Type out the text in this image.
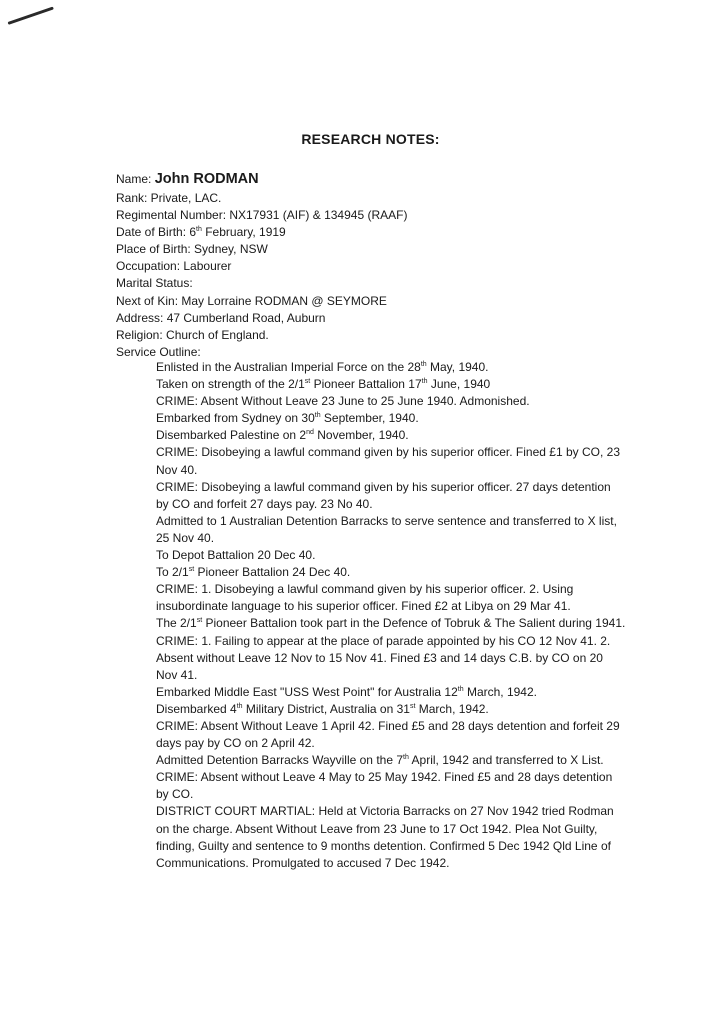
RESEARCH NOTES:
Name: John RODMAN
Rank: Private, LAC.
Regimental Number: NX17931 (AIF) & 134945 (RAAF)
Date of Birth: 6th February, 1919
Place of Birth: Sydney, NSW
Occupation: Labourer
Marital Status:
Next of Kin: May Lorraine RODMAN @ SEYMORE
Address: 47 Cumberland Road, Auburn
Religion: Church of England.
Service Outline:

Enlisted in the Australian Imperial Force on the 28th May, 1940.

Taken on strength of the 2/1st Pioneer Battalion 17th June, 1940

CRIME: Absent Without Leave 23 June to 25 June 1940. Admonished.

Embarked from Sydney on 30th September, 1940.

Disembarked Palestine on 2nd November, 1940.

CRIME: Disobeying a lawful command given by his superior officer. Fined £1 by CO, 23 Nov 40.

CRIME: Disobeying a lawful command given by his superior officer. 27 days detention by CO and forfeit 27 days pay. 23 No 40.

Admitted to 1 Australian Detention Barracks to serve sentence and transferred to X list, 25 Nov 40.

To Depot Battalion 20 Dec 40.

To 2/1st Pioneer Battalion 24 Dec 40.

CRIME: 1. Disobeying a lawful command given by his superior officer. 2. Using insubordinate language to his superior officer. Fined £2 at Libya on 29 Mar 41.

The 2/1st Pioneer Battalion took part in the Defence of Tobruk & The Salient during 1941.

CRIME: 1. Failing to appear at the place of parade appointed by his CO 12 Nov 41. 2. Absent without Leave 12 Nov to 15 Nov 41. Fined £3 and 14 days C.B. by CO on 20 Nov 41.

Embarked Middle East "USS West Point" for Australia 12th March, 1942.

Disembarked 4th Military District, Australia on 31st March, 1942.

CRIME: Absent Without Leave 1 April 42. Fined £5 and 28 days detention and forfeit 29 days pay by CO on 2 April 42.

Admitted Detention Barracks Wayville on the 7th April, 1942 and transferred to X List.

CRIME: Absent without Leave 4 May to 25 May 1942. Fined £5 and 28 days detention by CO.

DISTRICT COURT MARTIAL: Held at Victoria Barracks on 27 Nov 1942 tried Rodman on the charge. Absent Without Leave from 23 June to 17 Oct 1942. Plea Not Guilty, finding, Guilty and sentence to 9 months detention. Confirmed 5 Dec 1942 Qld Line of Communications. Promulgated to accused 7 Dec 1942.
